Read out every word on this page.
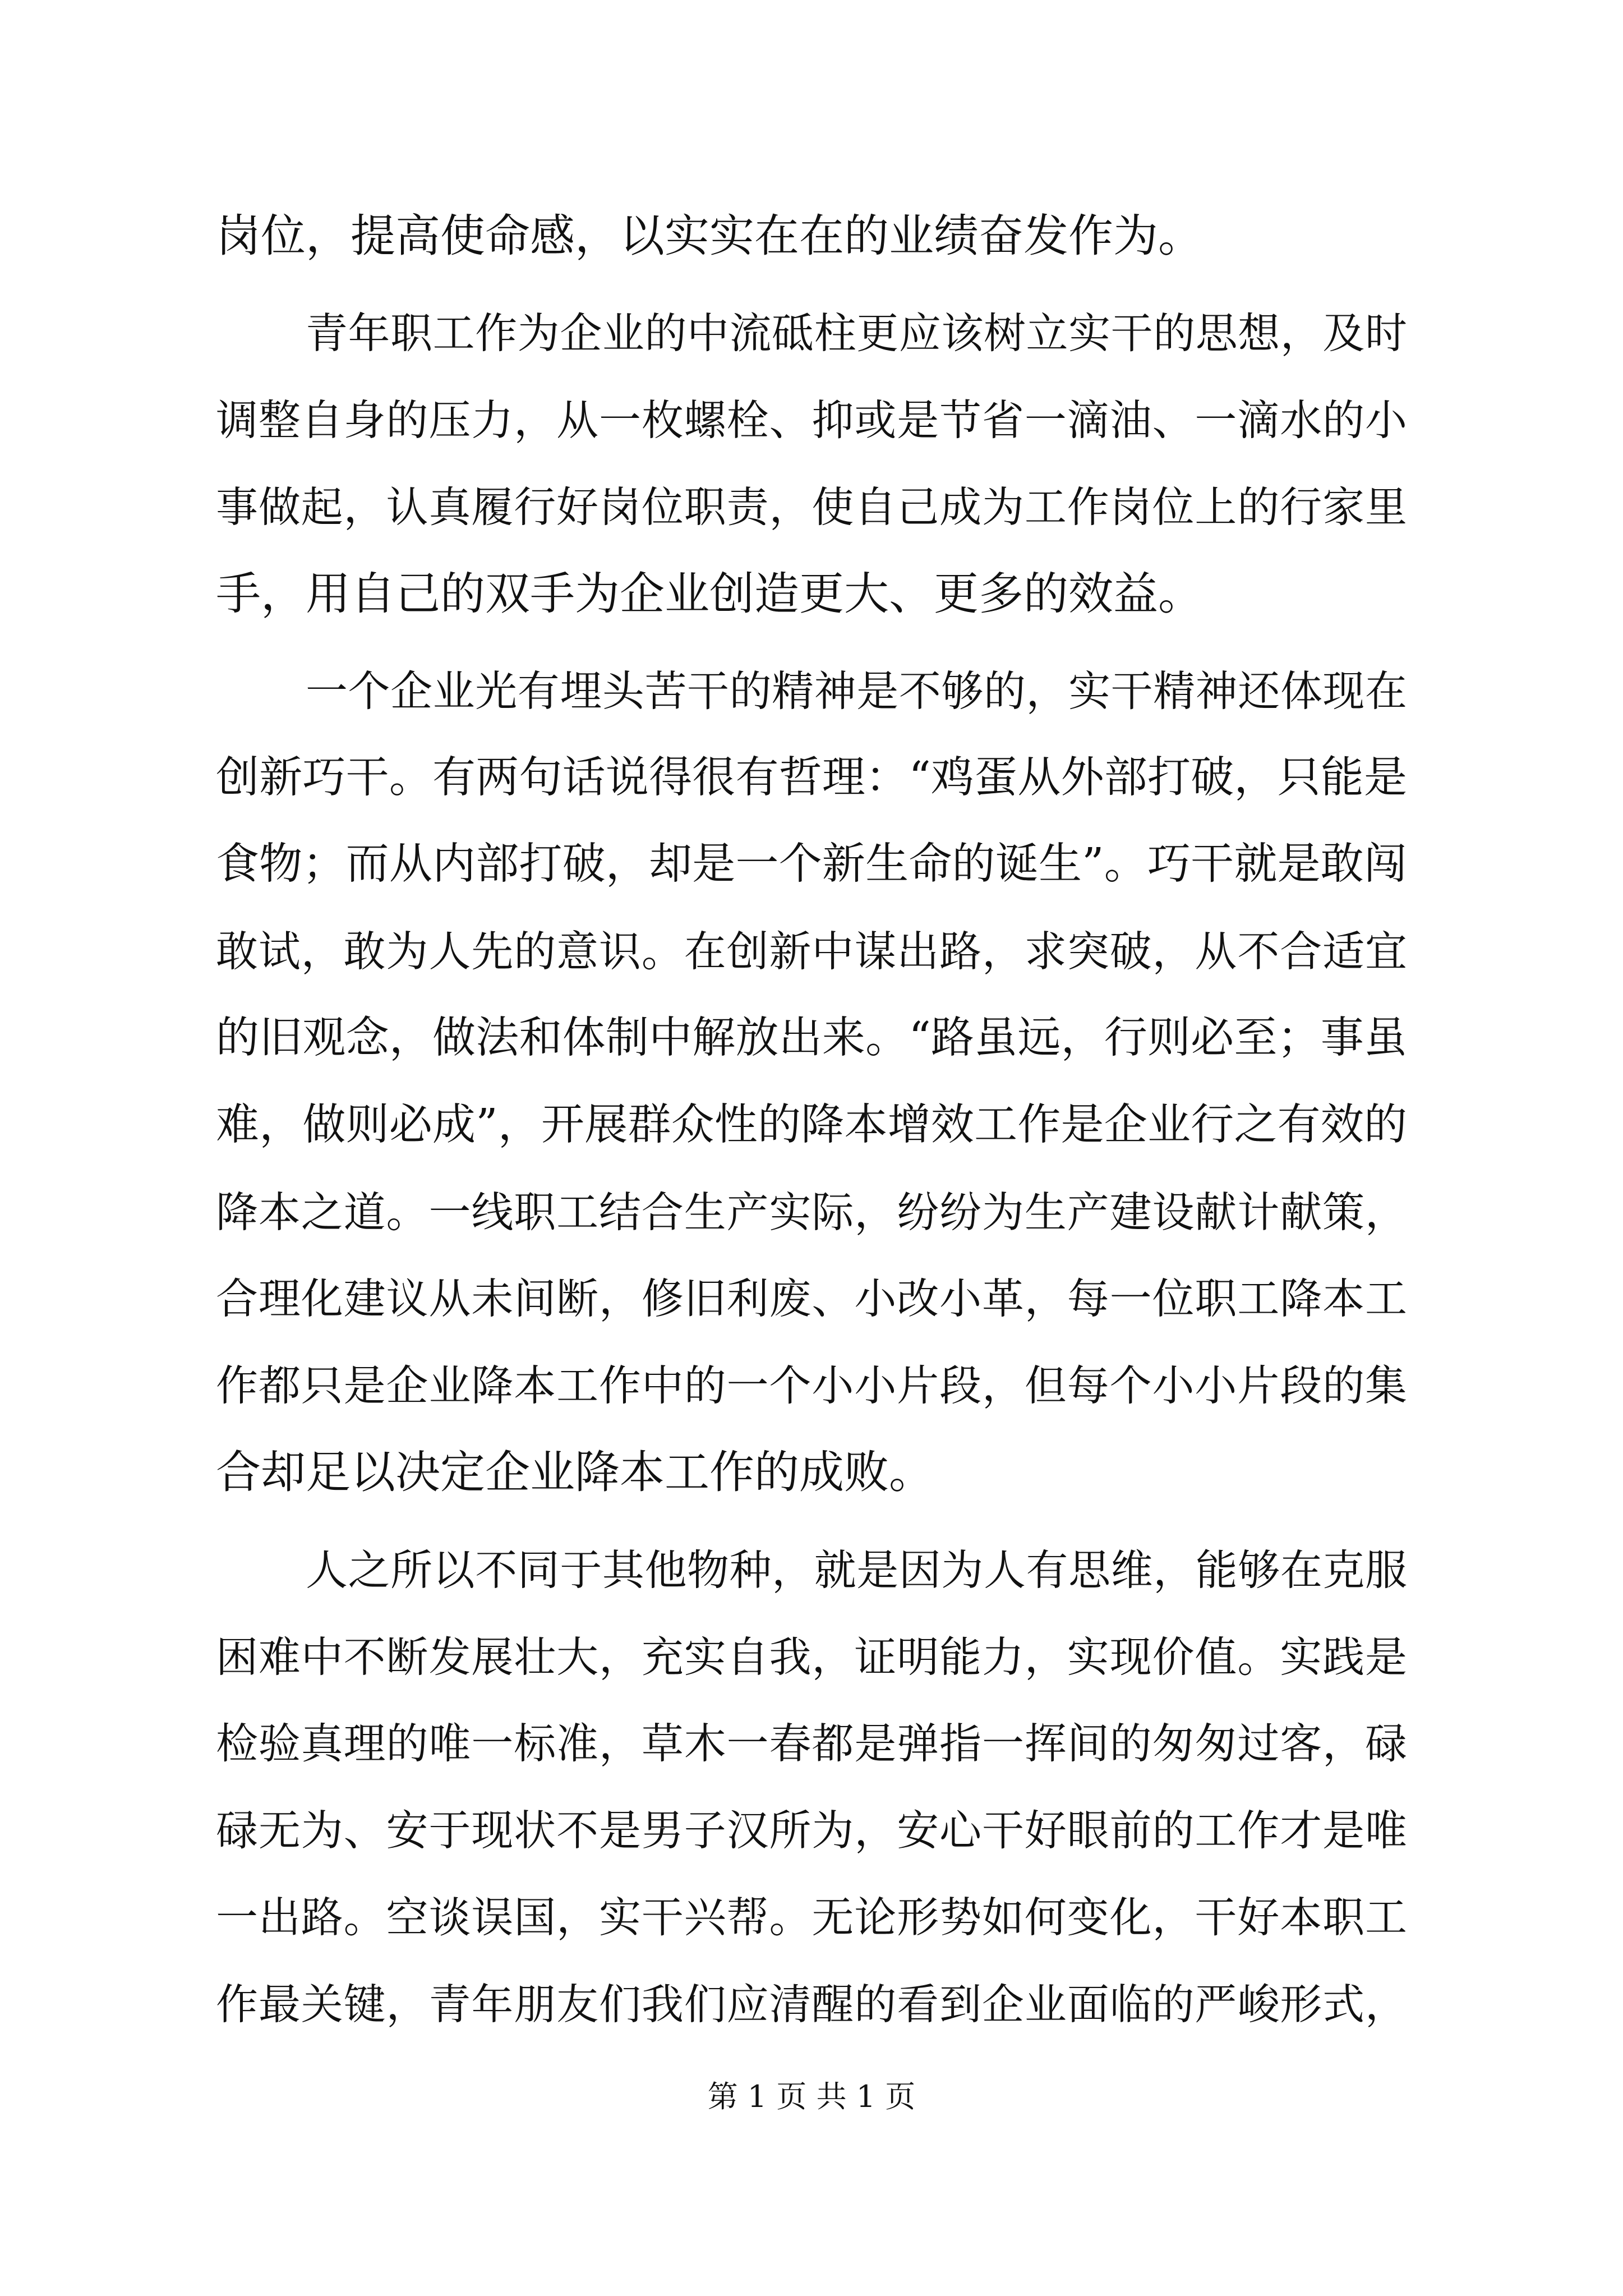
岗位，提高使命感，以实实在在的业绩奋发作为。
青年职工作为企业的中流砥柱更应该树立实干的思想，及时
调整自身的压力，从一枚螺栓、抑或是节省一滴油、一滴水的小
事做起，认真履行好岗位职责，使自己成为工作岗位上的行家里
手，用自己的双手为企业创造更大、更多的效益。
一个企业光有埋头苦干的精神是不够的，实干精神还体现在
创新巧干。有两句话说得很有哲理：“鸡蛋从外部打破，只能是
食物；而从内部打破，却是一个新生命的诞生”。巧干就是敢闯
敢试，敢为人先的意识。在创新中谋出路，求突破，从不合适宜
的旧观念，做法和体制中解放出来。“路虽远，行则必至；事虽
难，做则必成”，开展群众性的降本增效工作是企业行之有效的
降本之道。一线职工结合生产实际，纷纷为生产建设献计献策，
合理化建议从未间断，修旧利废、小改小革，每一位职工降本工
作都只是企业降本工作中的一个小小片段，但每个小小片段的集
合却足以决定企业降本工作的成败。
人之所以不同于其他物种，就是因为人有思维，能够在克服
困难中不断发展壮大，充实自我，证明能力，实现价值。实践是
检验真理的唯一标准，草木一春都是弹指一挥间的匆匆过客，碌
碌无为、安于现状不是男子汉所为，安心干好眼前的工作才是唯
一出路。空谈误国，实干兴帮。无论形势如何变化，干好本职工
作最关键，青年朋友们我们应清醒的看到企业面临的严峻形式，
第 1 页 共 1 页
